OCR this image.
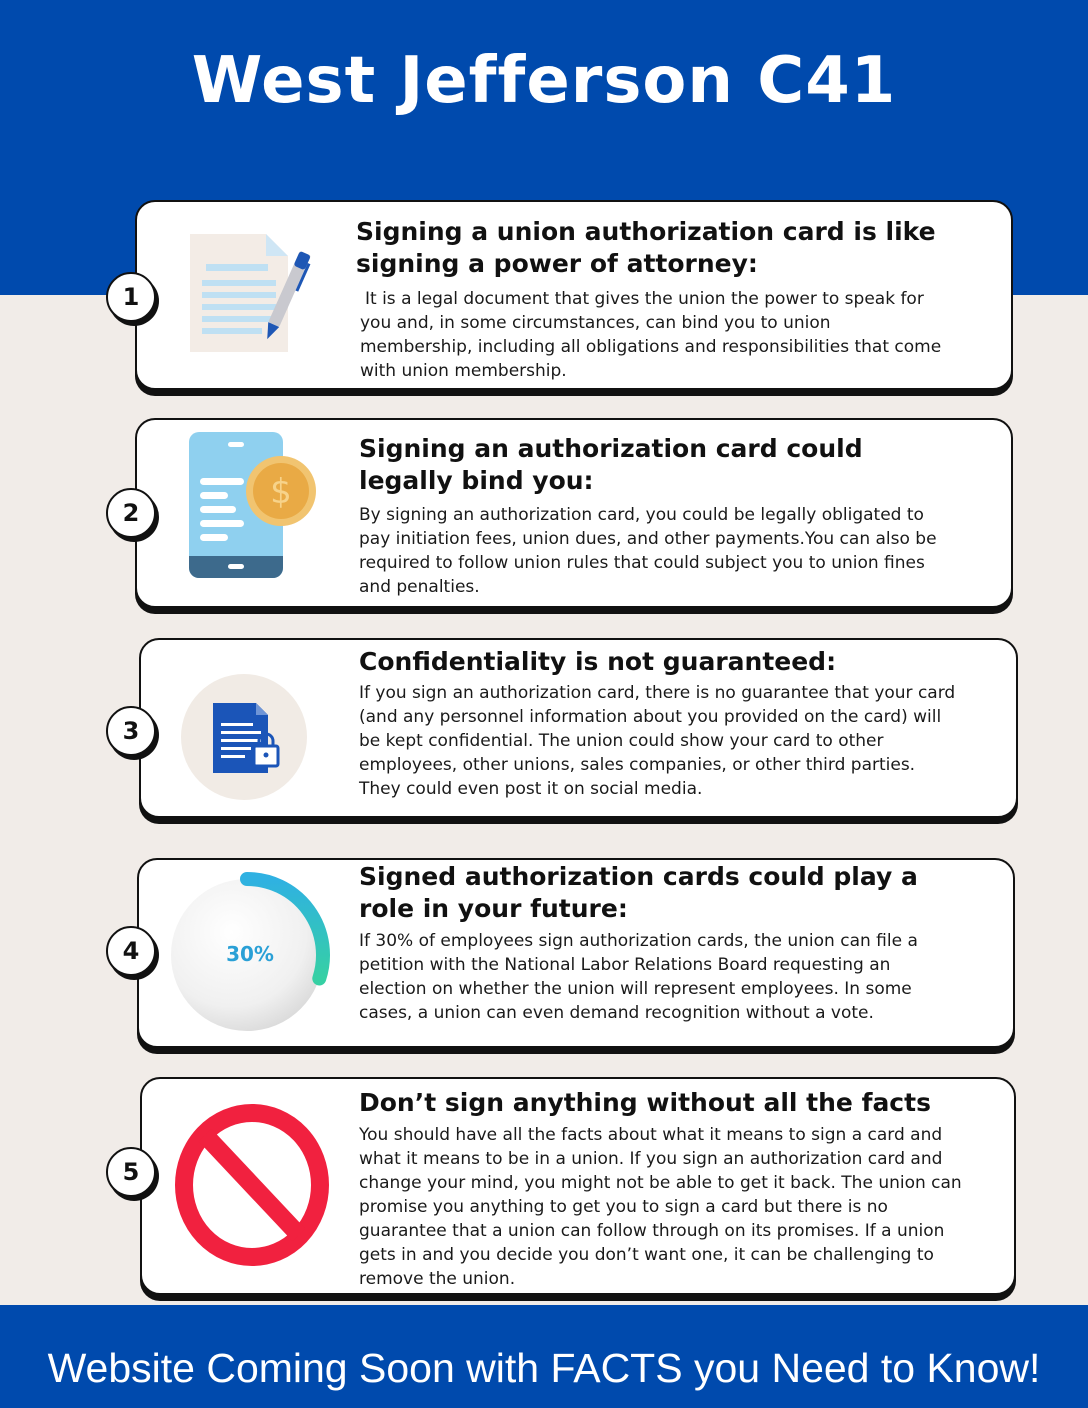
West Jefferson C41
1
Signing a union authorization card is like signing a power of attorney:

It is a legal document that gives the union the power to speak for you and, in some circumstances, can bind you to union membership, including all obligations and responsibilities that come with union membership.

2
$
Signing an authorization card could legally bind you:

By signing an authorization card, you could be legally obligated to pay initiation fees, union dues, and other payments.You can also be required to follow union rules that could subject you to union fines and penalties.

3
Confidentiality is not guaranteed:

If you sign an authorization card, there is no guarantee that your card (and any personnel information about you provided on the card) will be kept confidential. The union could show your card to other employees, other unions, sales companies, or other third parties. They could even post it on social media.

4	30%
Signed authorization cards could play a role in your future:

If 30% of employees sign authorization cards, the union can file a petition with the National Labor Relations Board requesting an election on whether the union will represent employees. In some cases, a union can even demand recognition without a vote.

5
Don’t sign anything without all the facts

You should have all the facts about what it means to sign a card and what it means to be in a union. If you sign an authorization card and change your mind, you might not be able to get it back. The union can promise you anything to get you to sign a card but there is no guarantee that a union can follow through on its promises. If a union gets in and you decide you don’t want one, it can be challenging to remove the union.

Website Coming Soon with FACTS you Need to Know!
